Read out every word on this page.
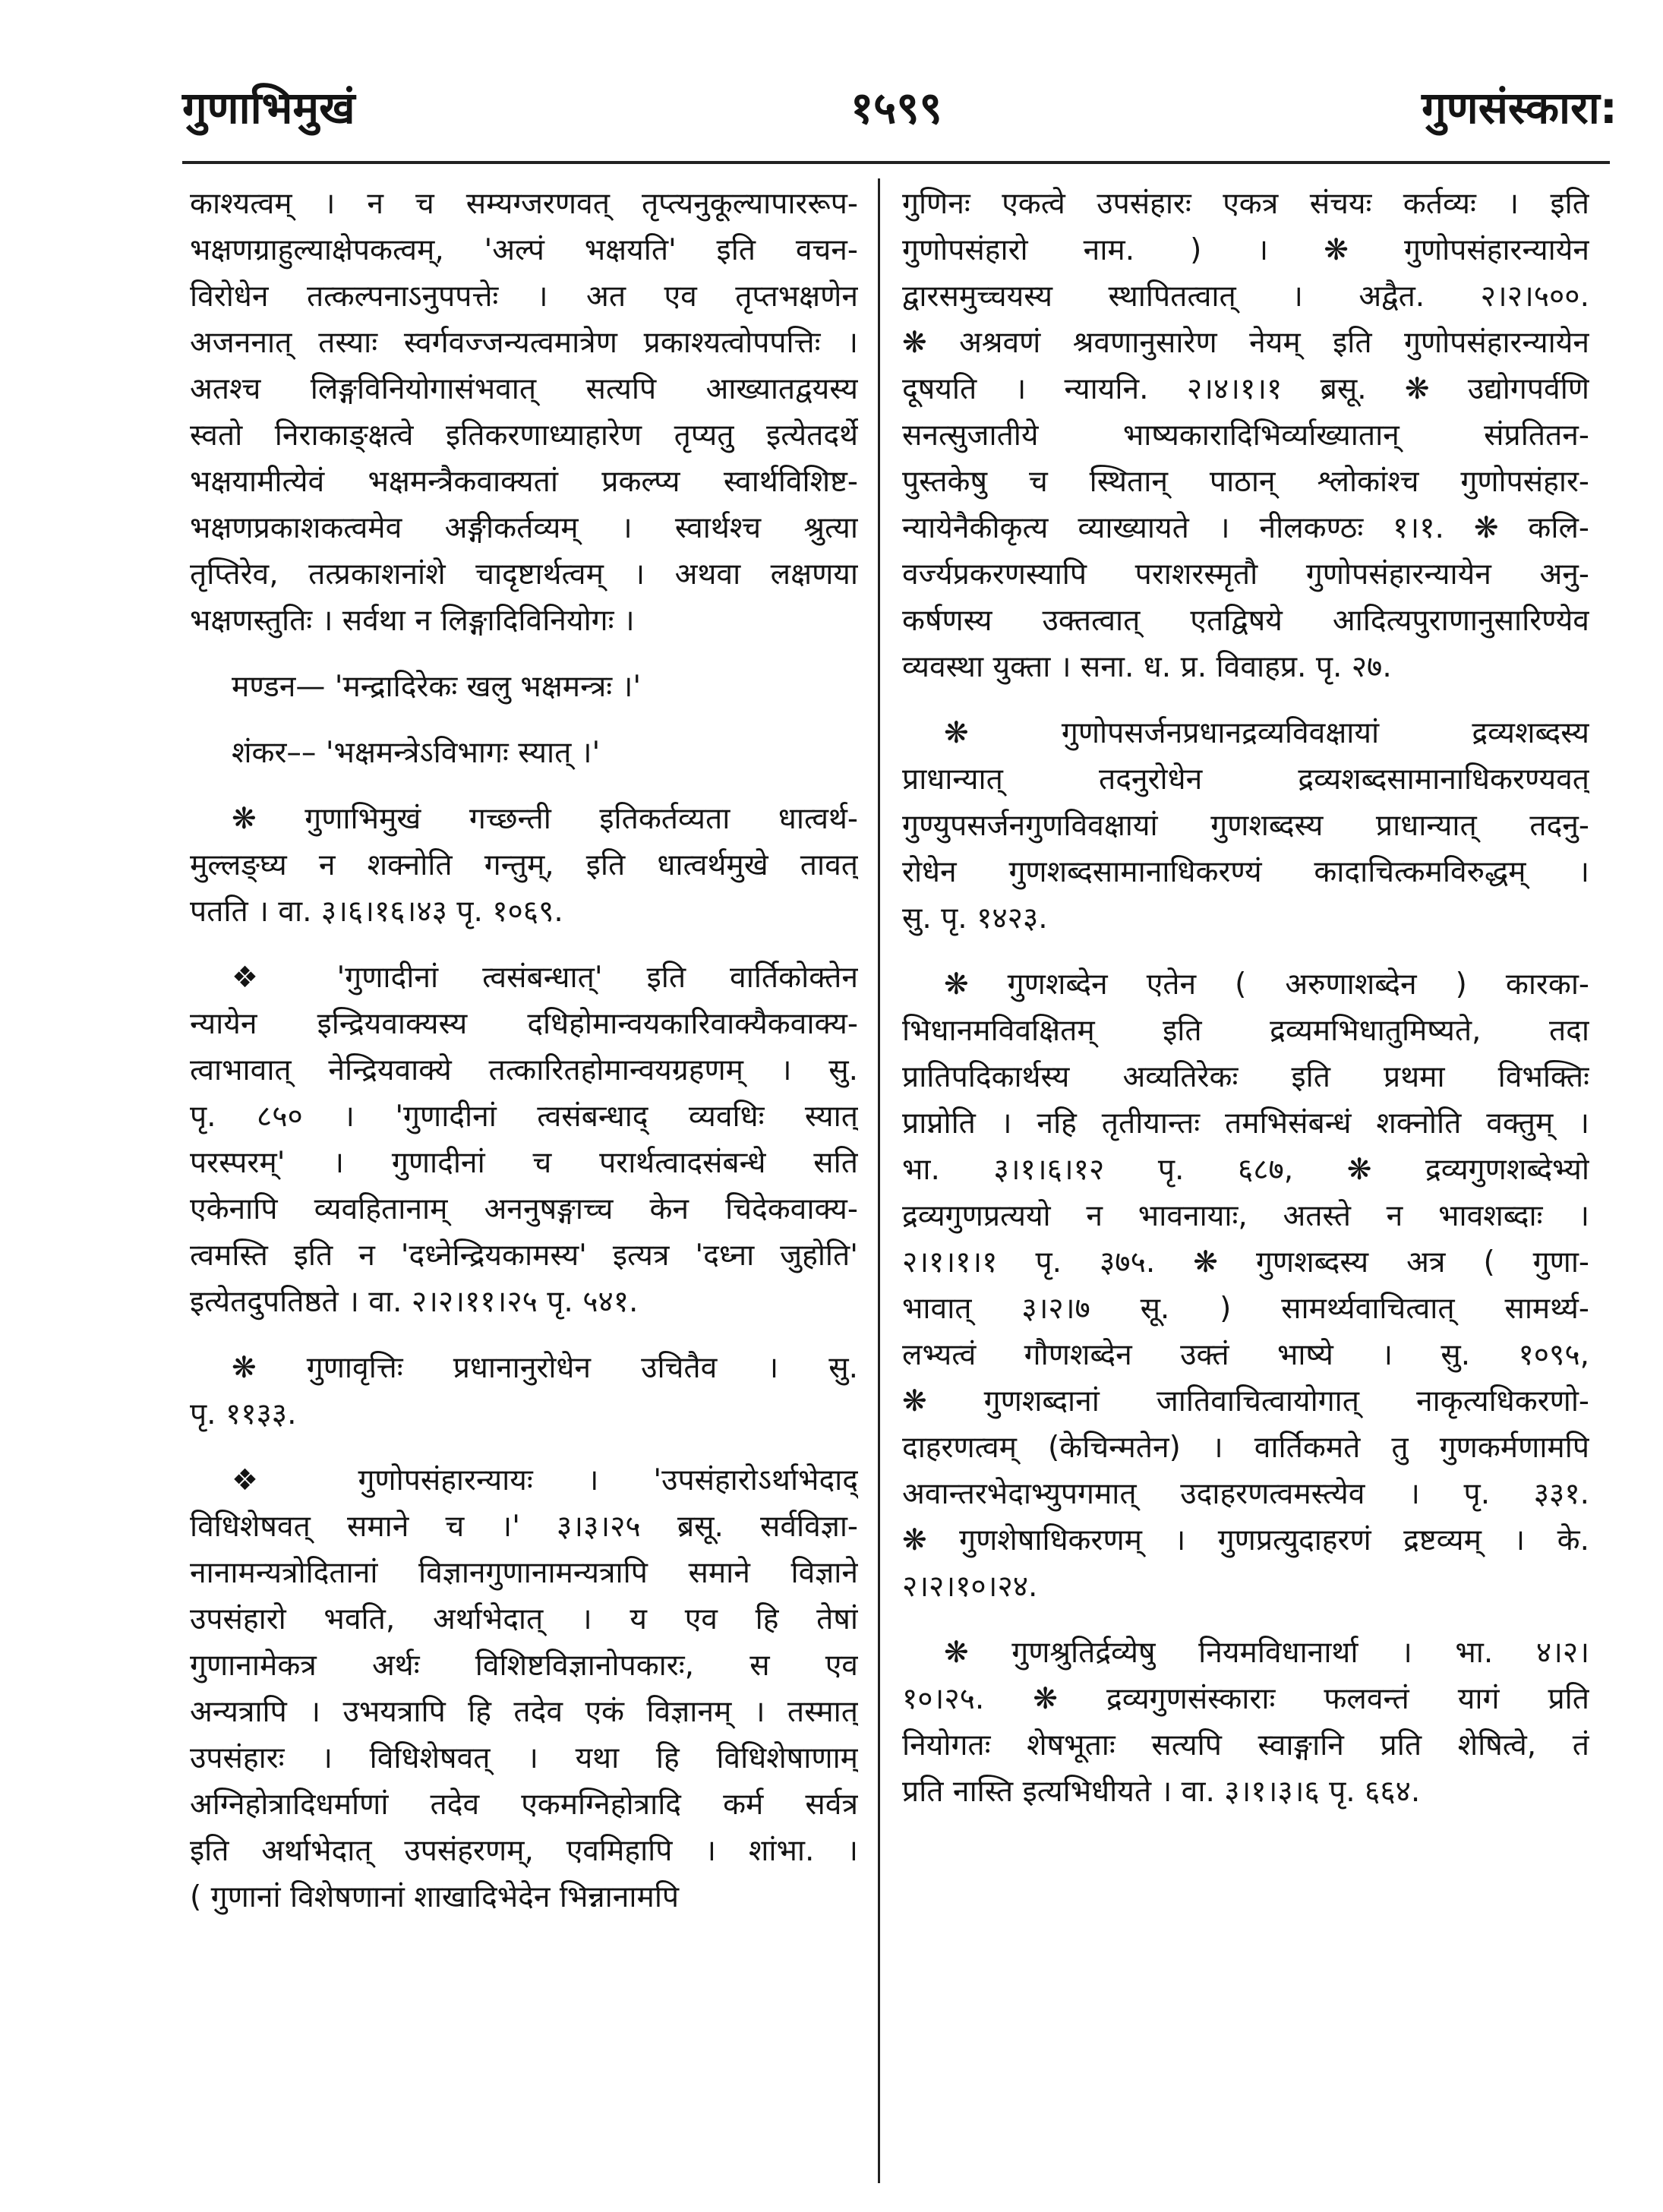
गुणाभिमुखं	१५९९	गुणसंस्कारा:
काश्यत्वम् । न च सम्यग्जरणवत् तृप्त्यनुकूल्यापाररूप-
भक्षणग्राहुल्याक्षेपकत्वम्, 'अल्पं भक्षयति' इति वचन-
विरोधेन तत्कल्पनाऽनुपपत्तेः । अत एव तृप्तभक्षणेन
अजननात् तस्याः स्वर्गवज्जन्यत्वमात्रेण प्रकाश्यत्वोपपत्तिः ।
अतश्च लिङ्गविनियोगासंभवात् सत्यपि आख्यातद्वयस्य
स्वतो निराकाङ्क्षत्वे इतिकरणाध्याहारेण तृप्यतु इत्येतदर्थे
भक्षयामीत्येवं भक्षमन्त्रैकवाक्यतां प्रकल्प्य स्वार्थविशिष्ट-
भक्षणप्रकाशकत्वमेव अङ्गीकर्तव्यम् । स्वार्थश्च श्रुत्या
तृप्तिरेव, तत्प्रकाशनांशे चादृष्टार्थत्वम् । अथवा लक्षणया
भक्षणस्तुतिः । सर्वथा न लिङ्गादिविनियोगः ।
मण्डन— 'मन्द्रादिरेकः खलु भक्षमन्त्रः ।'
शंकर–– 'भक्षमन्त्रेऽविभागः स्यात् ।'
❋ गुणाभिमुखं गच्छन्ती इतिकर्तव्यता धात्वर्थ-
मुल्लङ्घ्य न शक्नोति गन्तुम्, इति धात्वर्थमुखे तावत्
पतति । वा. ३।६।१६।४३ पृ. १०६९.
❖ 'गुणादीनां त्वसंबन्धात्' इति वार्तिकोक्तेन
न्यायेन इन्द्रियवाक्यस्य दधिहोमान्वयकारिवाक्यैकवाक्य-
त्वाभावात् नेन्द्रियवाक्ये तत्कारितहोमान्वयग्रहणम् । सु.
पृ. ८५० । 'गुणादीनां त्वसंबन्धाद् व्यवधिः स्यात्
परस्परम्' । गुणादीनां च परार्थत्वादसंबन्धे सति
एकेनापि व्यवहितानाम् अननुषङ्गाच्च केन चिदेकवाक्य-
त्वमस्ति इति न 'दध्नेन्द्रियकामस्य' इत्यत्र 'दध्ना जुहोति'
इत्येतदुपतिष्ठते । वा. २।२।११।२५ पृ. ५४१.
❋ गुणावृत्तिः प्रधानानुरोधेन उचितैव । सु.
पृ. ११३३.
❖ गुणोपसंहारन्यायः । 'उपसंहारोऽर्थाभेदाद्
विधिशेषवत् समाने च ।' ३।३।२५ ब्रसू. सर्वविज्ञा-
नानामन्यत्रोदितानां विज्ञानगुणानामन्यत्रापि समाने विज्ञाने
उपसंहारो भवति, अर्थाभेदात् । य एव हि तेषां
गुणानामेकत्र अर्थः विशिष्टविज्ञानोपकारः, स एव
अन्यत्रापि । उभयत्रापि हि तदेव एकं विज्ञानम् । तस्मात्
उपसंहारः । विधिशेषवत् । यथा हि विधिशेषाणाम्
अग्निहोत्रादिधर्माणां तदेव एकमग्निहोत्रादि कर्म सर्वत्र
इति अर्थाभेदात् उपसंहरणम्, एवमिहापि । शांभा. ।
( गुणानां विशेषणानां शाखादिभेदेन भिन्नानामपि
गुणिनः एकत्वे उपसंहारः एकत्र संचयः कर्तव्यः । इति
गुणोपसंहारो नाम. ) । ❋ गुणोपसंहारन्यायेन
द्वारसमुच्चयस्य स्थापितत्वात् । अद्वैत. २।२।५००.
❋ अश्रवणं श्रवणानुसारेण नेयम् इति गुणोपसंहारन्यायेन
दूषयति । न्यायनि. २।४।१।१ ब्रसू. ❋ उद्योगपर्वणि
सनत्सुजातीये भाष्यकारादिभिर्व्याख्यातान् संप्रतितन-
पुस्तकेषु च स्थितान् पाठान् श्लोकांश्च गुणोपसंहार-
न्यायेनैकीकृत्य व्याख्यायते । नीलकण्ठः १।१. ❋ कलि-
वर्ज्यप्रकरणस्यापि पराशरस्मृतौ गुणोपसंहारन्यायेन अनु-
कर्षणस्य उक्तत्वात् एतद्विषये आदित्यपुराणानुसारिण्येव
व्यवस्था युक्ता । सना. ध. प्र. विवाहप्र. पृ. २७.
❋ गुणोपसर्जनप्रधानद्रव्यविवक्षायां द्रव्यशब्दस्य
प्राधान्यात् तदनुरोधेन द्रव्यशब्दसामानाधिकरण्यवत्
गुण्युपसर्जनगुणविवक्षायां गुणशब्दस्य प्राधान्यात् तदनु-
रोधेन गुणशब्दसामानाधिकरण्यं कादाचित्कमविरुद्धम् ।
सु. पृ. १४२३.
❋ गुणशब्देन एतेन ( अरुणाशब्देन ) कारका-
भिधानमविवक्षितम् इति द्रव्यमभिधातुमिष्यते, तदा
प्रातिपदिकार्थस्य अव्यतिरेकः इति प्रथमा विभक्तिः
प्राप्नोति । नहि तृतीयान्तः तमभिसंबन्धं शक्नोति वक्तुम् ।
भा. ३।१।६।१२ पृ. ६८७, ❋ द्रव्यगुणशब्देभ्यो
द्रव्यगुणप्रत्ययो न भावनायाः, अतस्ते न भावशब्दाः ।
२।१।१।१ पृ. ३७५. ❋ गुणशब्दस्य अत्र ( गुणा-
भावात् ३।२।७ सू. ) सामर्थ्यवाचित्वात् सामर्थ्य-
लभ्यत्वं गौणशब्देन उक्तं भाष्ये । सु. १०९५,
❋ गुणशब्दानां जातिवाचित्वायोगात् नाकृत्यधिकरणो-
दाहरणत्वम् (केचिन्मतेन) । वार्तिकमते तु गुणकर्मणामपि
अवान्तरभेदाभ्युपगमात् उदाहरणत्वमस्त्येव । पृ. ३३१.
❋ गुणशेषाधिकरणम् । गुणप्रत्युदाहरणं द्रष्टव्यम् । के.
२।२।१०।२४.
❋ गुणश्रुतिर्द्रव्येषु नियमविधानार्था । भा. ४।२।
१०।२५. ❋ द्रव्यगुणसंस्काराः फलवन्तं यागं प्रति
नियोगतः शेषभूताः सत्यपि स्वाङ्गानि प्रति शेषित्वे, तं
प्रति नास्ति इत्यभिधीयते । वा. ३।१।३।६ पृ. ६६४.
